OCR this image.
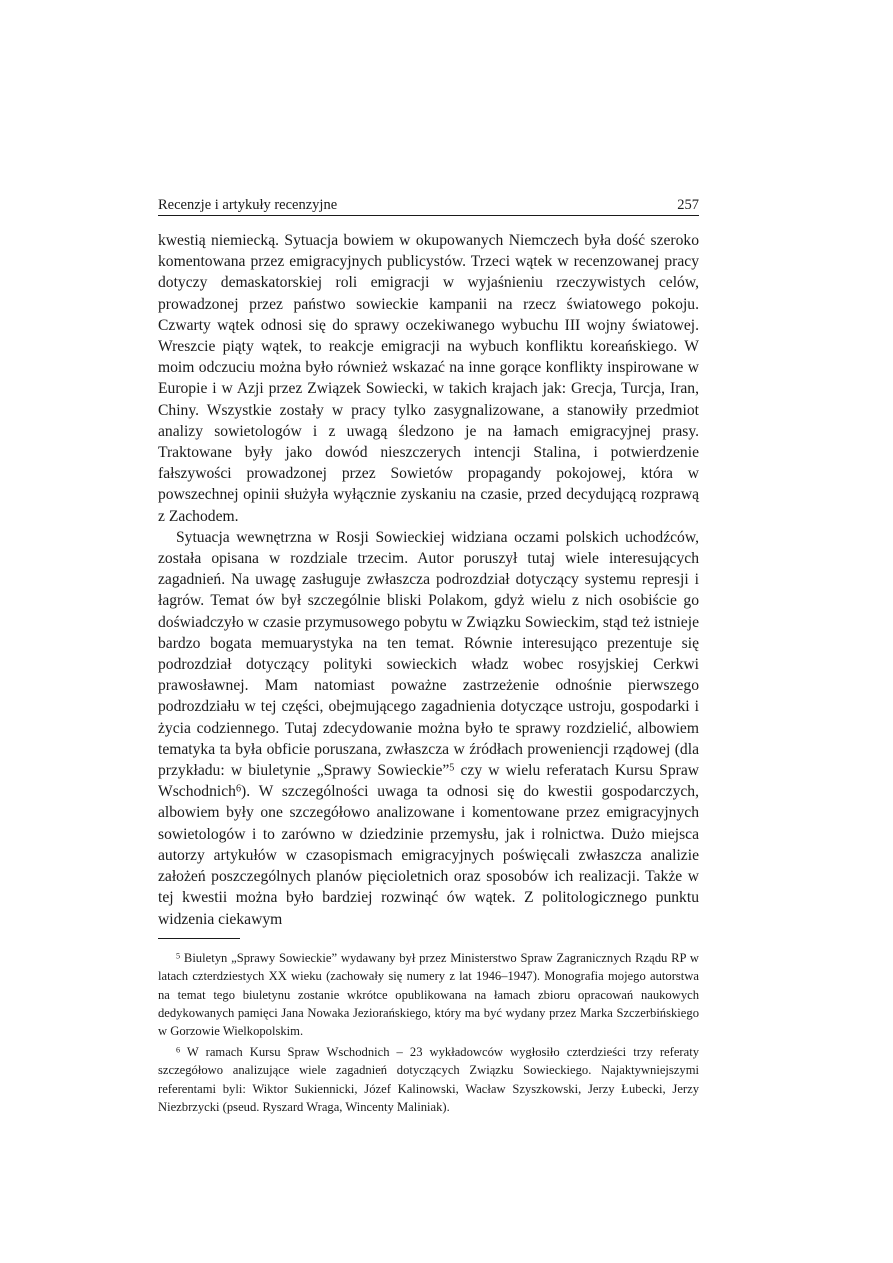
Recenzje i artykuły recenzyjne	257

kwestią niemiecką. Sytuacja bowiem w okupowanych Niemczech była dość szeroko komentowana przez emigracyjnych publicystów. Trzeci wątek w recenzowanej pracy dotyczy demaskatorskiej roli emigracji w wyjaśnieniu rzeczywistych celów, prowadzonej przez państwo sowieckie kampanii na rzecz światowego pokoju. Czwarty wątek odnosi się do sprawy oczekiwanego wybuchu III wojny światowej. Wreszcie piąty wątek, to reakcje emigracji na wybuch konfliktu koreańskiego. W moim odczuciu można było również wskazać na inne gorące konflikty inspirowane w Europie i w Azji przez Związek Sowiecki, w takich krajach jak: Grecja, Turcja, Iran, Chiny. Wszystkie zostały w pracy tylko zasygnalizowane, a stanowiły przedmiot analizy sowietologów i z uwagą śledzono je na łamach emigracyjnej prasy. Traktowane były jako dowód nieszczerych intencji Stalina, i potwierdzenie fałszywości prowadzonej przez Sowietów propagandy pokojowej, która w powszechnej opinii służyła wyłącznie zyskaniu na czasie, przed decydującą rozprawą z Zachodem.

Sytuacja wewnętrzna w Rosji Sowieckiej widziana oczami polskich uchodźców, została opisana w rozdziale trzecim. Autor poruszył tutaj wiele interesujących zagadnień. Na uwagę zasługuje zwłaszcza podrozdział dotyczący systemu represji i łagrów. Temat ów był szczególnie bliski Polakom, gdyż wielu z nich osobiście go doświadczyło w czasie przymusowego pobytu w Związku Sowieckim, stąd też istnieje bardzo bogata memuarystyka na ten temat. Równie interesująco prezentuje się podrozdział dotyczący polityki sowieckich władz wobec rosyjskiej Cerkwi prawosławnej. Mam natomiast poważne zastrzeżenie odnośnie pierwszego podrozdziału w tej części, obejmującego zagadnienia dotyczące ustroju, gospodarki i życia codziennego. Tutaj zdecydowanie można było te sprawy rozdzielić, albowiem tematyka ta była obficie poruszana, zwłaszcza w źródłach proweniencji rządowej (dla przykładu: w biuletynie „Sprawy Sowieckie”$^5$ czy w wielu referatach Kursu Spraw Wschodnich$^6$). W szczególności uwaga ta odnosi się do kwestii gospodarczych, albowiem były one szczegółowo analizowane i komentowane przez emigracyjnych sowietologów i to zarówno w dziedzinie przemysłu, jak i rolnictwa. Dużo miejsca autorzy artykułów w czasopismach emigracyjnych poświęcali zwłaszcza analizie założeń poszczególnych planów pięcioletnich oraz sposobów ich realizacji. Także w tej kwestii można było bardziej rozwinąć ów wątek. Z politologicznego punktu widzenia ciekawym

$^5$ Biuletyn „Sprawy Sowieckie” wydawany był przez Ministerstwo Spraw Zagranicznych Rządu RP w latach czterdziestych XX wieku (zachowały się numery z lat 1946–1947). Monografia mojego autorstwa na temat tego biuletynu zostanie wkrótce opublikowana na łamach zbioru opracowań naukowych dedykowanych pamięci Jana Nowaka Jeziorańskiego, który ma być wydany przez Marka Szczerbińskiego w Gorzowie Wielkopolskim.

$^6$ W ramach Kursu Spraw Wschodnich – 23 wykładowców wygłosiło czterdzieści trzy referaty szczegółowo analizujące wiele zagadnień dotyczących Związku Sowieckiego. Najaktywniejszymi referentami byli: Wiktor Sukiennicki, Józef Kalinowski, Wacław Szyszkowski, Jerzy Łubecki, Jerzy Niezbrzycki (pseud. Ryszard Wraga, Wincenty Maliniak).
